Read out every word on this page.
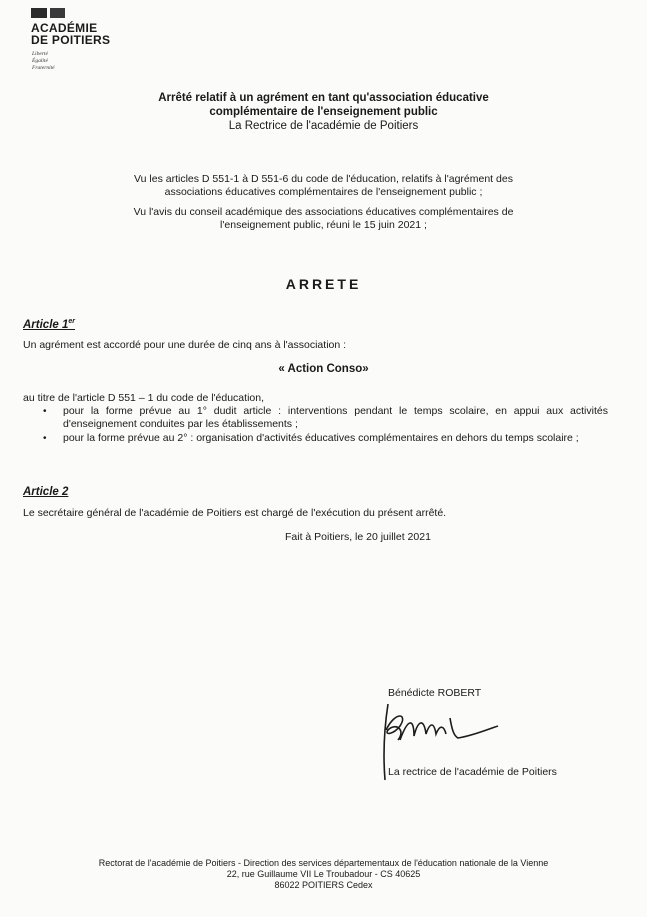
ACADÉMIE
DE POITIERS
Liberté
Égalité
Fraternité
Arrêté relatif à un agrément en tant qu'association éducative
complémentaire de l'enseignement public
La Rectrice de l'académie de Poitiers
Vu les articles D 551-1 à D 551-6 du code de l'éducation, relatifs à l'agrément des
associations éducatives complémentaires de l'enseignement public ;
Vu l'avis du conseil académique des associations éducatives complémentaires de
l'enseignement public, réuni le 15 juin 2021 ;
ARRETE
Article 1er
Un agrément est accordé pour une durée de cinq ans à l'association :
« Action Conso»
au titre de l'article D 551 – 1 du code de l'éducation,
• pour la forme prévue au 1° dudit article : interventions pendant le temps scolaire, en appui aux activités d'enseignement conduites par les établissements ;
• pour la forme prévue au 2° : organisation d'activités éducatives complémentaires en dehors du temps scolaire ;
Article 2
Le secrétaire général de l'académie de Poitiers est chargé de l'exécution du présent arrêté.
Fait à Poitiers, le 20 juillet 2021
Bénédicte ROBERT
La rectrice de l'académie de Poitiers
Rectorat de l'académie de Poitiers - Direction des services départementaux de l'éducation nationale de la Vienne
22, rue Guillaume VII Le Troubadour - CS 40625
86022 POITIERS Cedex
